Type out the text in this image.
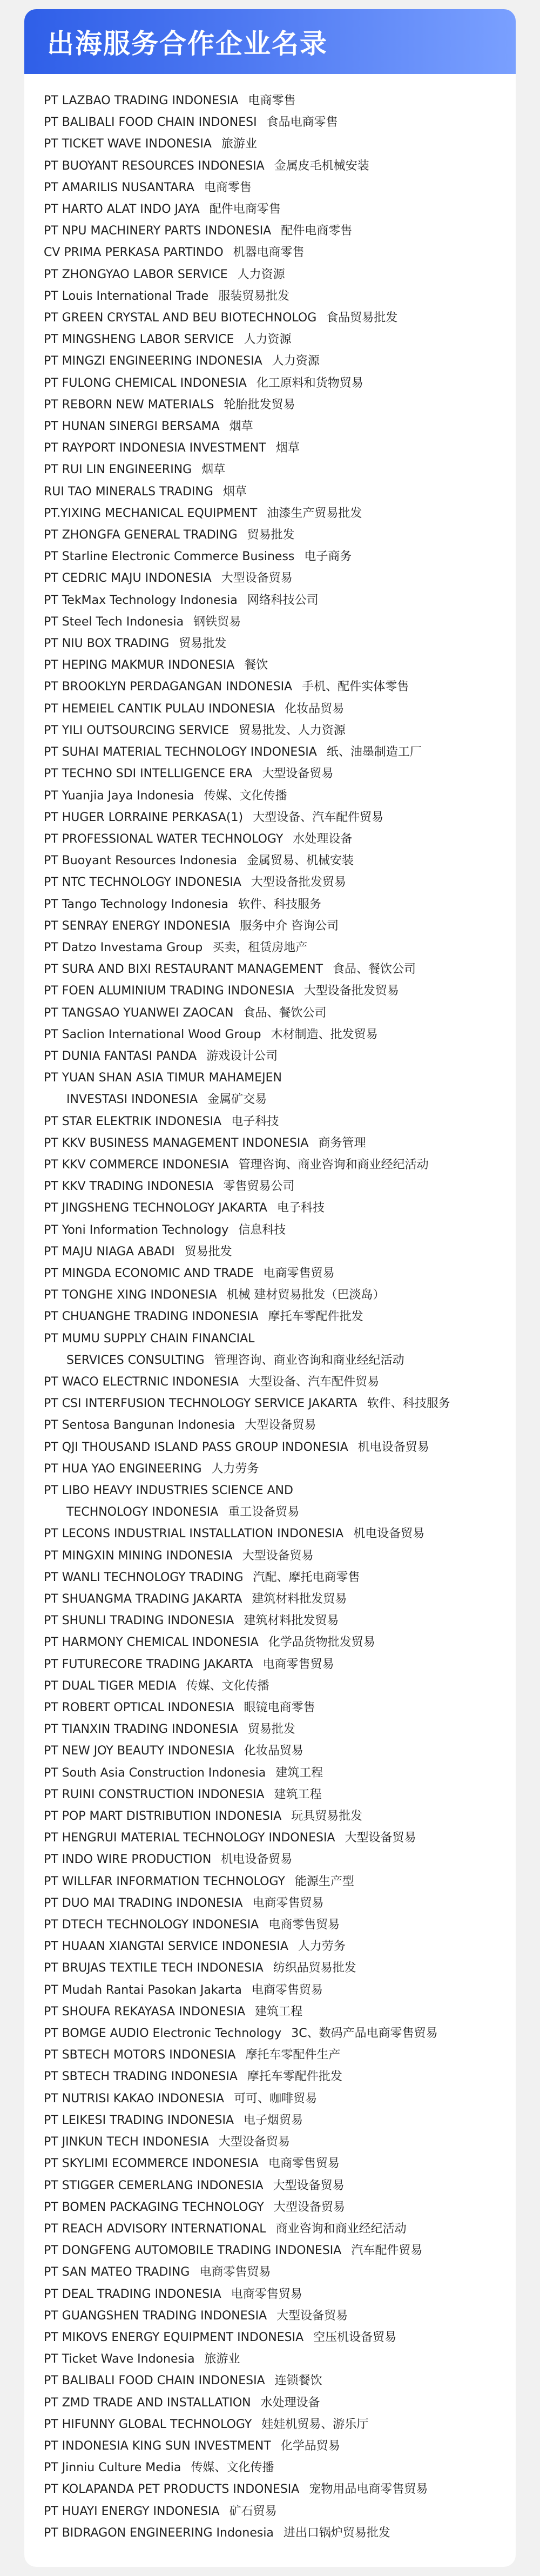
出海服务合作企业名录
PT LAZBAO TRADING INDONESIA 电商零售
PT BALIBALI FOOD CHAIN INDONESI 食品电商零售
PT TICKET WAVE INDONESIA 旅游业
PT BUOYANT RESOURCES INDONESIA 金属皮毛机械安装
PT AMARILIS NUSANTARA 电商零售
PT HARTO ALAT INDO JAYA 配件电商零售
PT NPU MACHINERY PARTS INDONESIA 配件电商零售
CV PRIMA PERKASA PARTINDO 机器电商零售
PT ZHONGYAO LABOR SERVICE 人力资源
PT Louis International Trade 服装贸易批发
PT GREEN CRYSTAL AND BEU BIOTECHNOLOG 食品贸易批发
PT MINGSHENG LABOR SERVICE 人力资源
PT MINGZI ENGINEERING INDONESIA 人力资源
PT FULONG CHEMICAL INDONESIA 化工原料和货物贸易
PT REBORN NEW MATERIALS 轮胎批发贸易
PT HUNAN SINERGI BERSAMA 烟草
PT RAYPORT INDONESIA INVESTMENT 烟草
PT RUI LIN ENGINEERING 烟草
RUI TAO MINERALS TRADING 烟草
PT.YIXING MECHANICAL EQUIPMENT 油漆生产贸易批发
PT ZHONGFA GENERAL TRADING 贸易批发
PT Starline Electronic Commerce Business 电子商务
PT CEDRIC MAJU INDONESIA 大型设备贸易
PT TekMax Technology Indonesia 网络科技公司
PT Steel Tech Indonesia 钢铁贸易
PT NIU BOX TRADING 贸易批发
PT HEPING MAKMUR INDONESIA 餐饮
PT BROOKLYN PERDAGANGAN INDONESIA 手机、配件实体零售
PT HEMEIEL CANTIK PULAU INDONESIA 化妆品贸易
PT YILI OUTSOURCING SERVICE 贸易批发、人力资源
PT SUHAI MATERIAL TECHNOLOGY INDONESIA 纸、油墨制造工厂
PT TECHNO SDI INTELLIGENCE ERA 大型设备贸易
PT Yuanjia Jaya Indonesia 传媒、文化传播
PT HUGER LORRAINE PERKASA(1) 大型设备、汽车配件贸易
PT PROFESSIONAL WATER TECHNOLOGY 水处理设备
PT Buoyant Resources Indonesia 金属贸易、机械安装
PT NTC TECHNOLOGY INDONESIA 大型设备批发贸易
PT Tango Technology Indonesia 软件、科技服务
PT SENRAY ENERGY INDONESIA 服务中介 咨询公司
PT Datzo Investama Group 买卖，租赁房地产
PT SURA AND BIXI RESTAURANT MANAGEMENT 食品、餐饮公司
PT FOEN ALUMINIUM TRADING INDONESIA 大型设备批发贸易
PT TANGSAO YUANWEI ZAOCAN 食品、餐饮公司
PT Saclion International Wood Group 木材制造、批发贸易
PT DUNIA FANTASI PANDA 游戏设计公司
PT YUAN SHAN ASIA TIMUR MAHAMEJEN
INVESTASI INDONESIA 金属矿交易
PT STAR ELEKTRIK INDONESIA 电子科技
PT KKV BUSINESS MANAGEMENT INDONESIA 商务管理
PT KKV COMMERCE INDONESIA 管理咨询、商业咨询和商业经纪活动
PT KKV TRADING INDONESIA 零售贸易公司
PT JINGSHENG TECHNOLOGY JAKARTA 电子科技
PT Yoni Information Technology 信息科技
PT MAJU NIAGA ABADI 贸易批发
PT MINGDA ECONOMIC AND TRADE 电商零售贸易
PT TONGHE XING INDONESIA 机械 建材贸易批发（巴淡岛）
PT CHUANGHE TRADING INDONESIA 摩托车零配件批发
PT MUMU SUPPLY CHAIN FINANCIAL
SERVICES CONSULTING 管理咨询、商业咨询和商业经纪活动
PT WACO ELECTRNIC INDONESIA 大型设备、汽车配件贸易
PT CSI INTERFUSION TECHNOLOGY SERVICE JAKARTA 软件、科技服务
PT Sentosa Bangunan Indonesia 大型设备贸易
PT QJI THOUSAND ISLAND PASS GROUP INDONESIA 机电设备贸易
PT HUA YAO ENGINEERING 人力劳务
PT LIBO HEAVY INDUSTRIES SCIENCE AND
TECHNOLOGY INDONESIA 重工设备贸易
PT LECONS INDUSTRIAL INSTALLATION INDONESIA 机电设备贸易
PT MINGXIN MINING INDONESIA 大型设备贸易
PT WANLI TECHNOLOGY TRADING 汽配、摩托电商零售
PT SHUANGMA TRADING JAKARTA 建筑材料批发贸易
PT SHUNLI TRADING INDONESIA 建筑材料批发贸易
PT HARMONY CHEMICAL INDONESIA 化学品货物批发贸易
PT FUTURECORE TRADING JAKARTA 电商零售贸易
PT DUAL TIGER MEDIA 传媒、文化传播
PT ROBERT OPTICAL INDONESIA 眼镜电商零售
PT TIANXIN TRADING INDONESIA 贸易批发
PT NEW JOY BEAUTY INDONESIA 化妆品贸易
PT South Asia Construction Indonesia 建筑工程
PT RUINI CONSTRUCTION INDONESIA 建筑工程
PT POP MART DISTRIBUTION INDONESIA 玩具贸易批发
PT HENGRUI MATERIAL TECHNOLOGY INDONESIA 大型设备贸易
PT INDO WIRE PRODUCTION 机电设备贸易
PT WILLFAR INFORMATION TECHNOLOGY 能源生产型
PT DUO MAI TRADING INDONESIA 电商零售贸易
PT DTECH TECHNOLOGY INDONESIA 电商零售贸易
PT HUAAN XIANGTAI SERVICE INDONESIA 人力劳务
PT BRUJAS TEXTILE TECH INDONESIA 纺织品贸易批发
PT Mudah Rantai Pasokan Jakarta 电商零售贸易
PT SHOUFA REKAYASA INDONESIA 建筑工程
PT BOMGE AUDIO Electronic Technology 3C、数码产品电商零售贸易
PT SBTECH MOTORS INDONESIA 摩托车零配件生产
PT SBTECH TRADING INDONESIA 摩托车零配件批发
PT NUTRISI KAKAO INDONESIA 可可、咖啡贸易
PT LEIKESI TRADING INDONESIA 电子烟贸易
PT JINKUN TECH INDONESIA 大型设备贸易
PT SKYLIMI ECOMMERCE INDONESIA 电商零售贸易
PT STIGGER CEMERLANG INDONESIA 大型设备贸易
PT BOMEN PACKAGING TECHNOLOGY 大型设备贸易
PT REACH ADVISORY INTERNATIONAL 商业咨询和商业经纪活动
PT DONGFENG AUTOMOBILE TRADING INDONESIA 汽车配件贸易
PT SAN MATEO TRADING 电商零售贸易
PT DEAL TRADING INDONESIA 电商零售贸易
PT GUANGSHEN TRADING INDONESIA 大型设备贸易
PT MIKOVS ENERGY EQUIPMENT INDONESIA 空压机设备贸易
PT Ticket Wave Indonesia 旅游业
PT BALIBALI FOOD CHAIN INDONESIA 连锁餐饮
PT ZMD TRADE AND INSTALLATION 水处理设备
PT HIFUNNY GLOBAL TECHNOLOGY 娃娃机贸易、游乐厅
PT INDONESIA KING SUN INVESTMENT 化学品贸易
PT Jinniu Culture Media 传媒、文化传播
PT KOLAPANDA PET PRODUCTS INDONESIA 宠物用品电商零售贸易
PT HUAYI ENERGY INDONESIA 矿石贸易
PT BIDRAGON ENGINEERING Indonesia 进出口锅炉贸易批发
